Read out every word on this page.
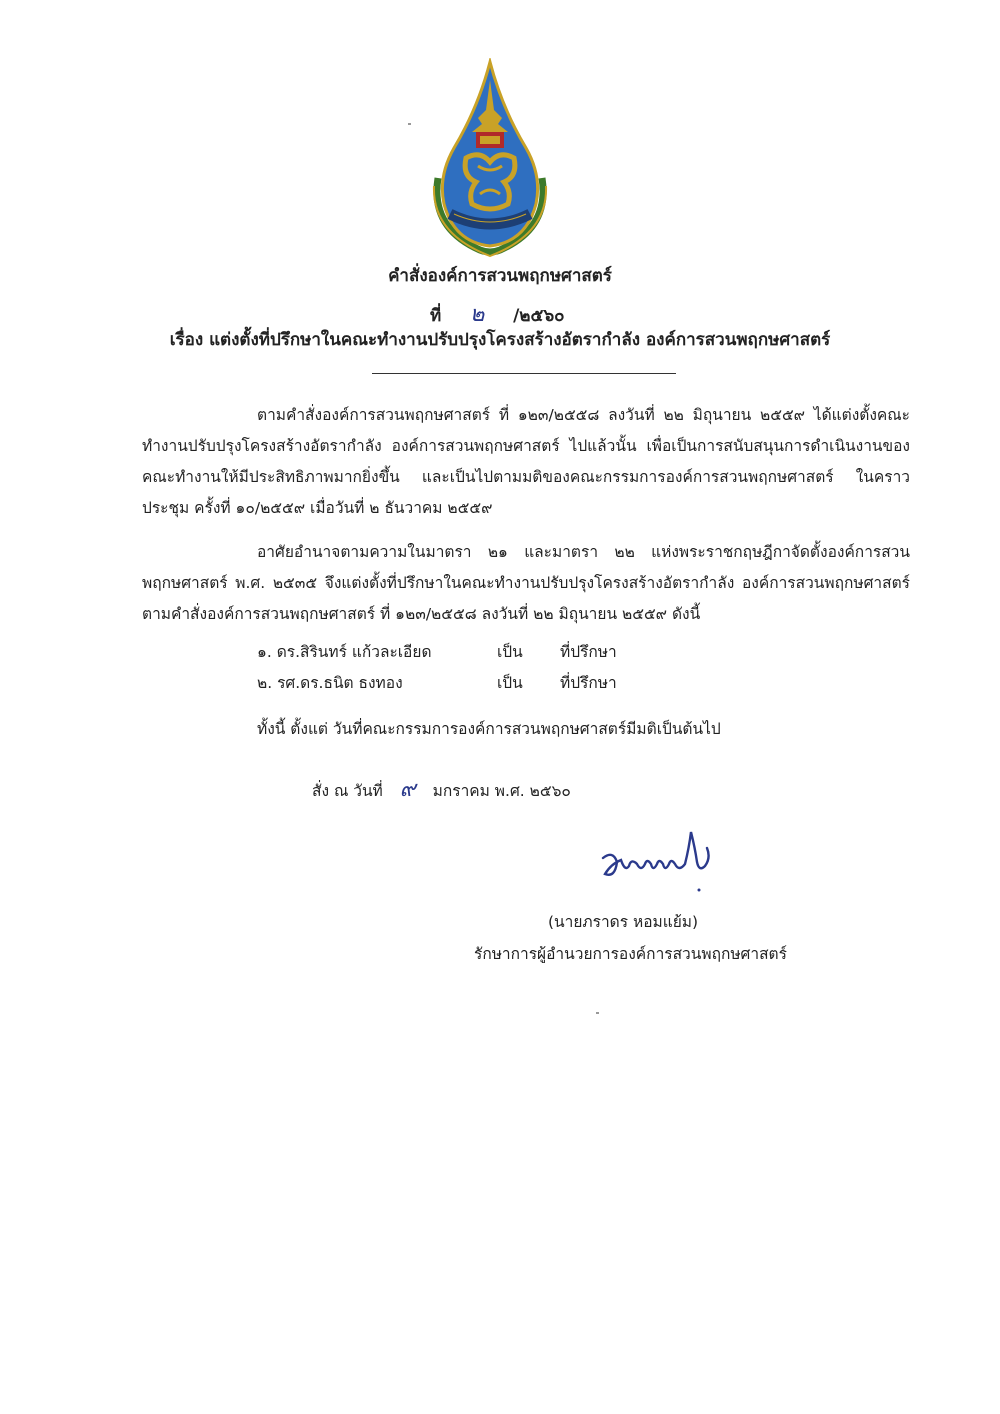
คำสั่งองค์การสวนพฤกษศาสตร์
ที่ ๒ /๒๕๖๐
เรื่อง แต่งตั้งที่ปรึกษาในคณะทำงานปรับปรุงโครงสร้างอัตรากำลัง องค์การสวนพฤกษศาสตร์

ตามคำสั่งองค์การสวนพฤกษศาสตร์ ที่ ๑๒๓/๒๕๕๘ ลงวันที่ ๒๒ มิถุนายน ๒๕๕๙ ได้แต่งตั้งคณะทำงานปรับปรุงโครงสร้างอัตรากำลัง องค์การสวนพฤกษศาสตร์ ไปแล้วนั้น เพื่อเป็นการสนับสนุนการดำเนินงานของคณะทำงานให้มีประสิทธิภาพมากยิ่งขึ้น และเป็นไปตามมติของคณะกรรมการองค์การสวนพฤกษศาสตร์ ในคราวประชุม ครั้งที่ ๑๐/๒๕๕๙ เมื่อวันที่ ๒ ธันวาคม ๒๕๕๙

อาศัยอำนาจตามความในมาตรา ๒๑ และมาตรา ๒๒ แห่งพระราชกฤษฎีกาจัดตั้งองค์การสวนพฤกษศาสตร์ พ.ศ. ๒๕๓๕ จึงแต่งตั้งที่ปรึกษาในคณะทำงานปรับปรุงโครงสร้างอัตรากำลัง องค์การสวนพฤกษศาสตร์ตามคำสั่งองค์การสวนพฤกษศาสตร์ ที่ ๑๒๓/๒๕๕๘ ลงวันที่ ๒๒ มิถุนายน ๒๕๕๙ ดังนี้

๑. ดร.สิรินทร์ แก้วละเอียด	เป็น ที่ปรึกษา
๒. รศ.ดร.ธนิต ธงทอง	เป็น ที่ปรึกษา
ทั้งนี้ ตั้งแต่ วันที่คณะกรรมการองค์การสวนพฤกษศาสตร์มีมติเป็นต้นไป
สั่ง ณ วันที่ ๙ มกราคม พ.ศ. ๒๕๖๐
(นายภราดร หอมแย้ม)
รักษาการผู้อำนวยการองค์การสวนพฤกษศาสตร์
